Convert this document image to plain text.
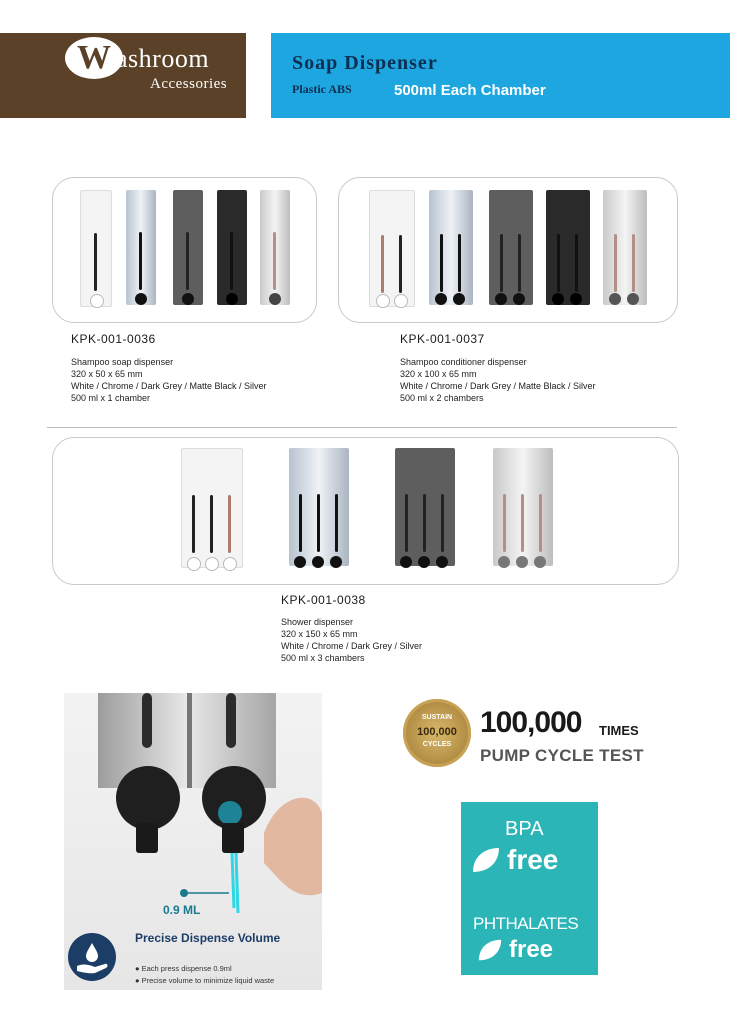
W ashroom
Accessories
Soap Dispenser
Plastic ABS	500ml Each Chamber
KPK-001-0036
Shampoo soap dispenser
320 x 50 x 65 mm
White / Chrome / Dark Grey / Matte Black / Silver
500 ml x 1 chamber
KPK-001-0037
Shampoo conditioner dispenser
320 x 100 x 65 mm
White / Chrome / Dark Grey / Matte Black / Silver
500 ml x 2 chambers
KPK-001-0038
Shower dispenser
320 x 150 x 65 mm
White / Chrome / Dark Grey / Silver
500 ml x 3 chambers
0.9 ML
Precise Dispense Volume
● Each press dispense 0.9ml
● Precise volume to minimize liquid waste
SUSTAIN
100,000
CYCLES
100,000 TIMES
PUMP CYCLE TEST
BPA
free
PHTHALATES
free
